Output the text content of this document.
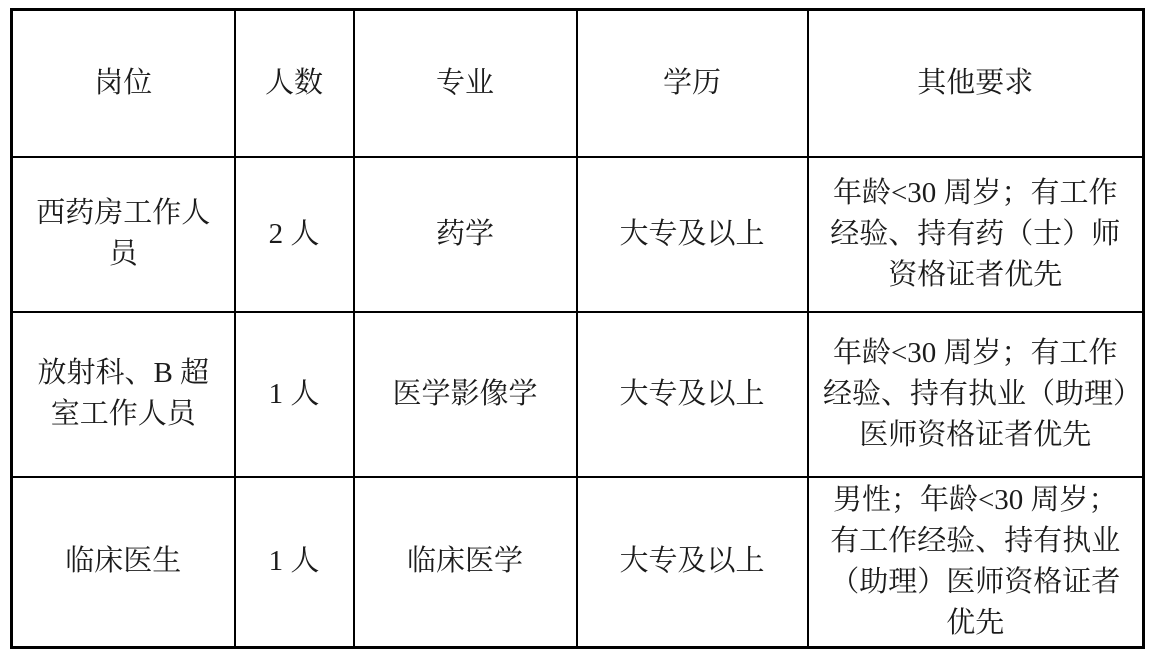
岗位	人数	专业	学历	其他要求
西药房工作人员	2 人	药学	大专及以上	年龄<30 周岁；有工作经验、持有药（士）师资格证者优先
放射科、B 超室工作人员	1 人	医学影像学	大专及以上	年龄<30 周岁；有工作经验、持有执业（助理）医师资格证者优先
临床医生	1 人	临床医学	大专及以上	男性；年龄<30 周岁；有工作经验、持有执业（助理）医师资格证者优先
